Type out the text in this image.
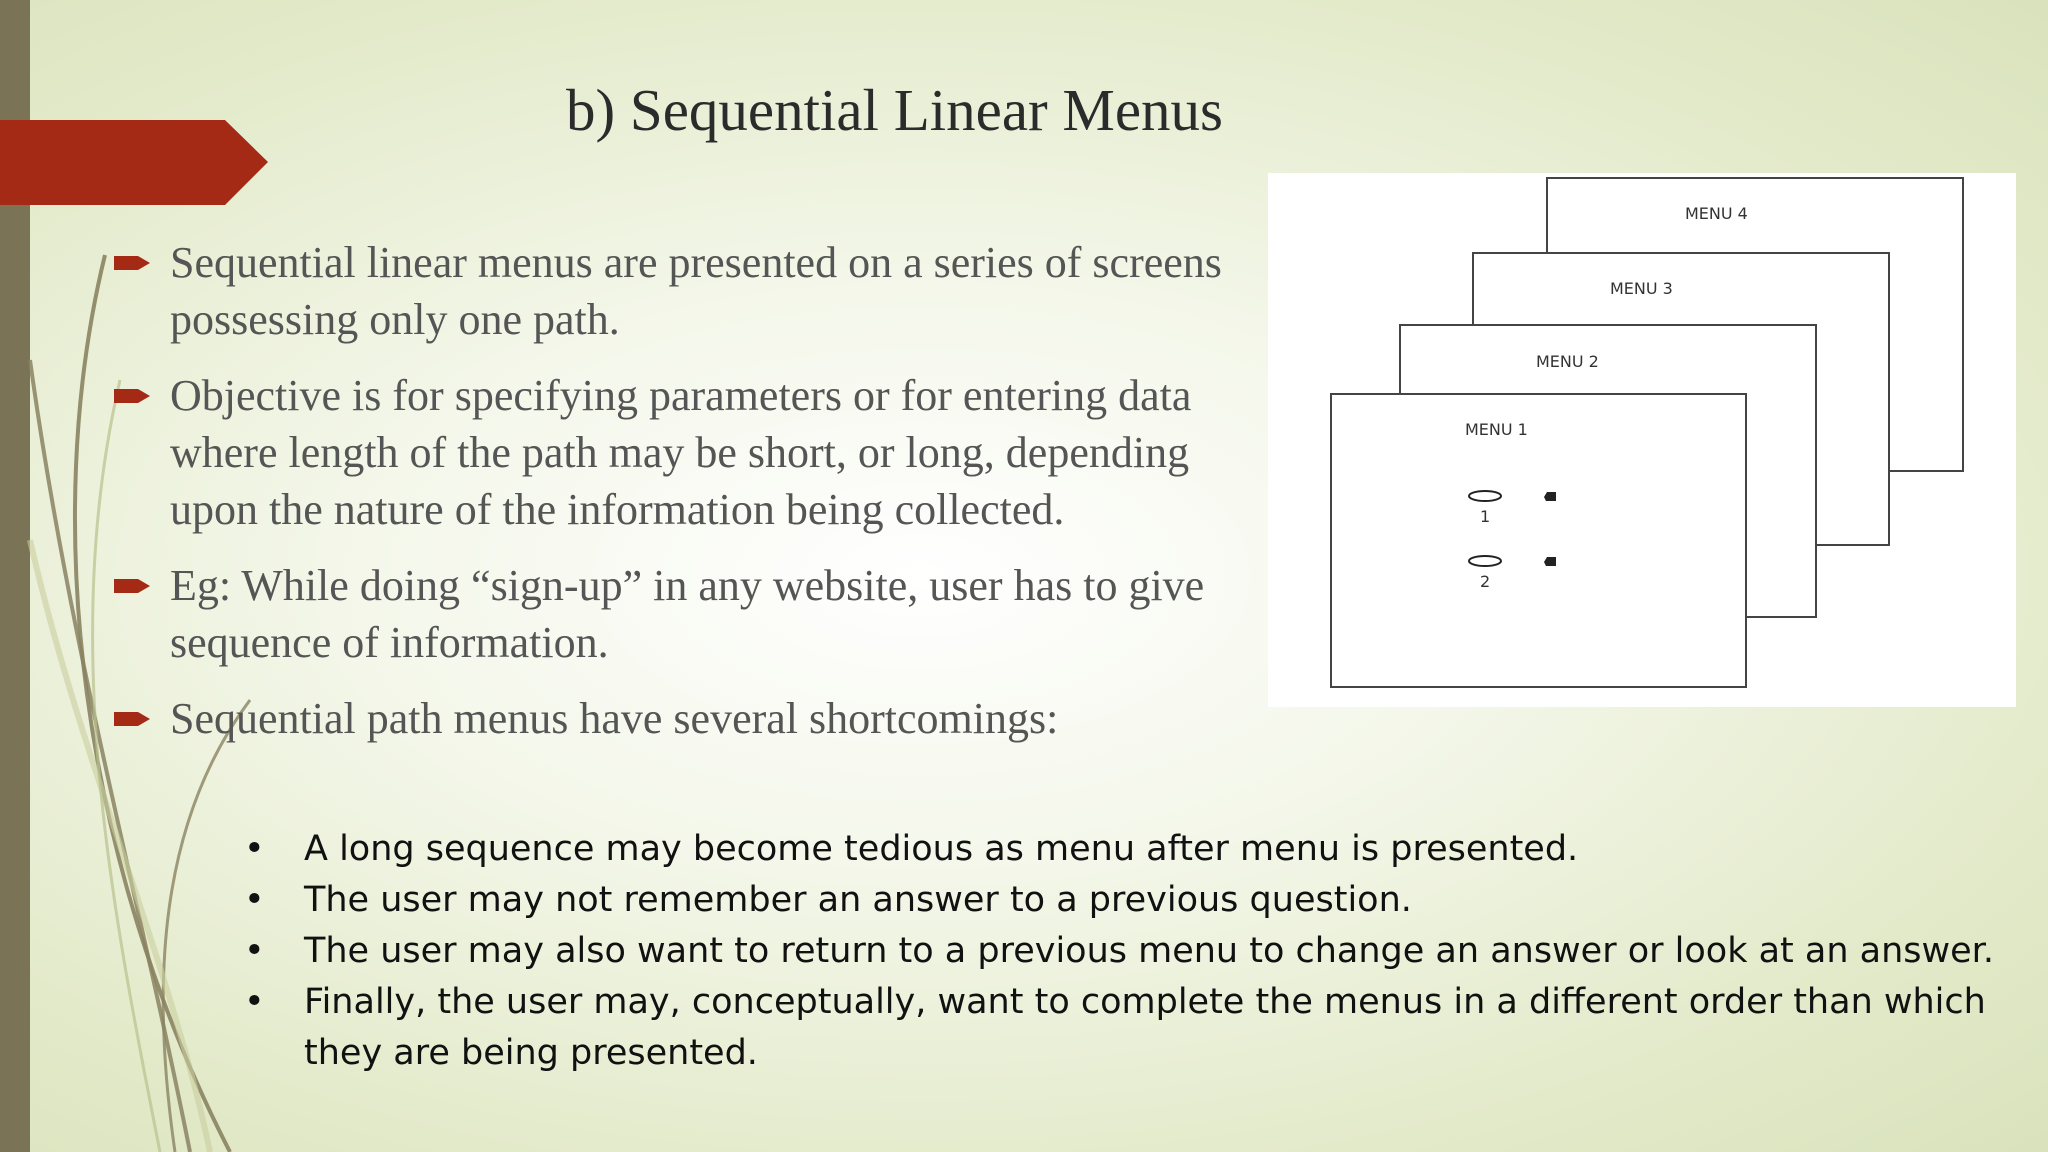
b) Sequential Linear Menus
Sequential linear menus are presented on a series of screens possessing only one path.
Objective is for specifying parameters or for entering data where length of the path may be short, or long, depending upon the nature of the information being collected.
Eg: While doing “sign-up” in any website, user has to give sequence of information.
Sequential path menus have several shortcomings:
MENU 4
MENU 3
MENU 2
MENU 1
1
2
• A long sequence may become tedious as menu after menu is presented.
• The user may not remember an answer to a previous question.
• The user may also want to return to a previous menu to change an answer or look at an answer.
• Finally, the user may, conceptually, want to complete the menus in a different order than which they are being presented.
